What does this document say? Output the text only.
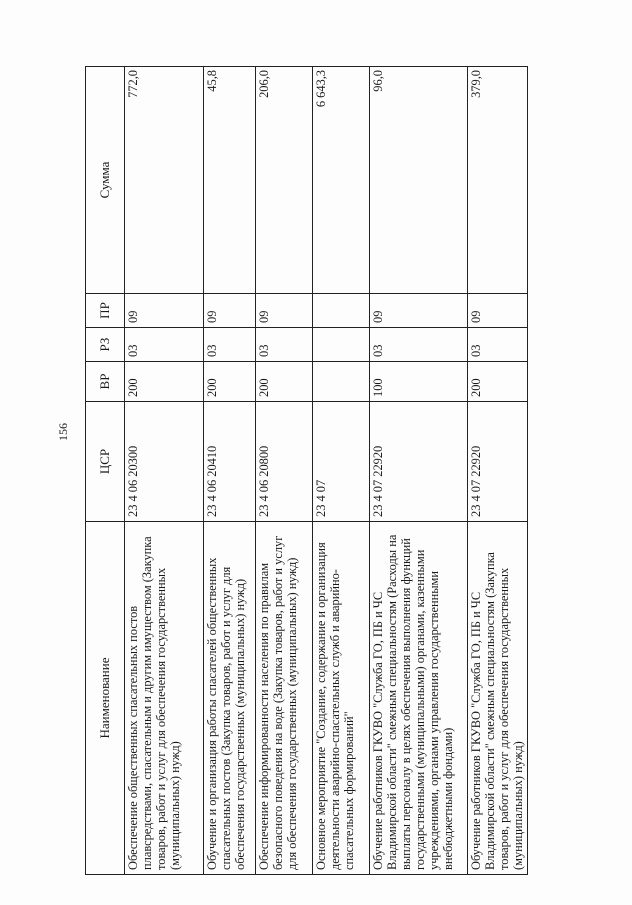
156
Наименование	ЦСР	ВР	РЗ	ПР	Сумма
Обеспечение общественных спасательных постов плавсредствами, спасательным и другим имуществом (Закупка товаров, работ и услуг для обеспечения государственных (муниципальных) нужд)	23 4 06 20300	200	03	09	772,0
Обучение и организация работы спасателей общественных спасательных постов (Закупка товаров, работ и услуг для обеспечения государственных (муниципальных) нужд)	23 4 06 20410	200	03	09	45,8
Обеспечение информированности населения по правилам безопасного поведения на воде (Закупка товаров, работ и услуг для обеспечения государственных (муниципальных) нужд)	23 4 06 20800	200	03	09	206,0
Основное мероприятие "Создание, содержание и организация деятельности аварийно-спасательных служб и аварийно-спасательных формирований"	23 4 07				6 643,3
Обучение работников ГКУВО "Служба ГО, ПБ и ЧС Владимирской области" смежным специальностям (Расходы на выплаты персоналу в целях обеспечения выполнения функций государственными (муниципальными) органами, казенными учреждениями, органами управления государственными внебюджетными фондами)	23 4 07 22920	100	03	09	96,0
Обучение работников ГКУВО "Служба ГО, ПБ и ЧС Владимирской области" смежным специальностям (Закупка товаров, работ и услуг для обеспечения государственных (муниципальных) нужд)	23 4 07 22920	200	03	09	379,0
